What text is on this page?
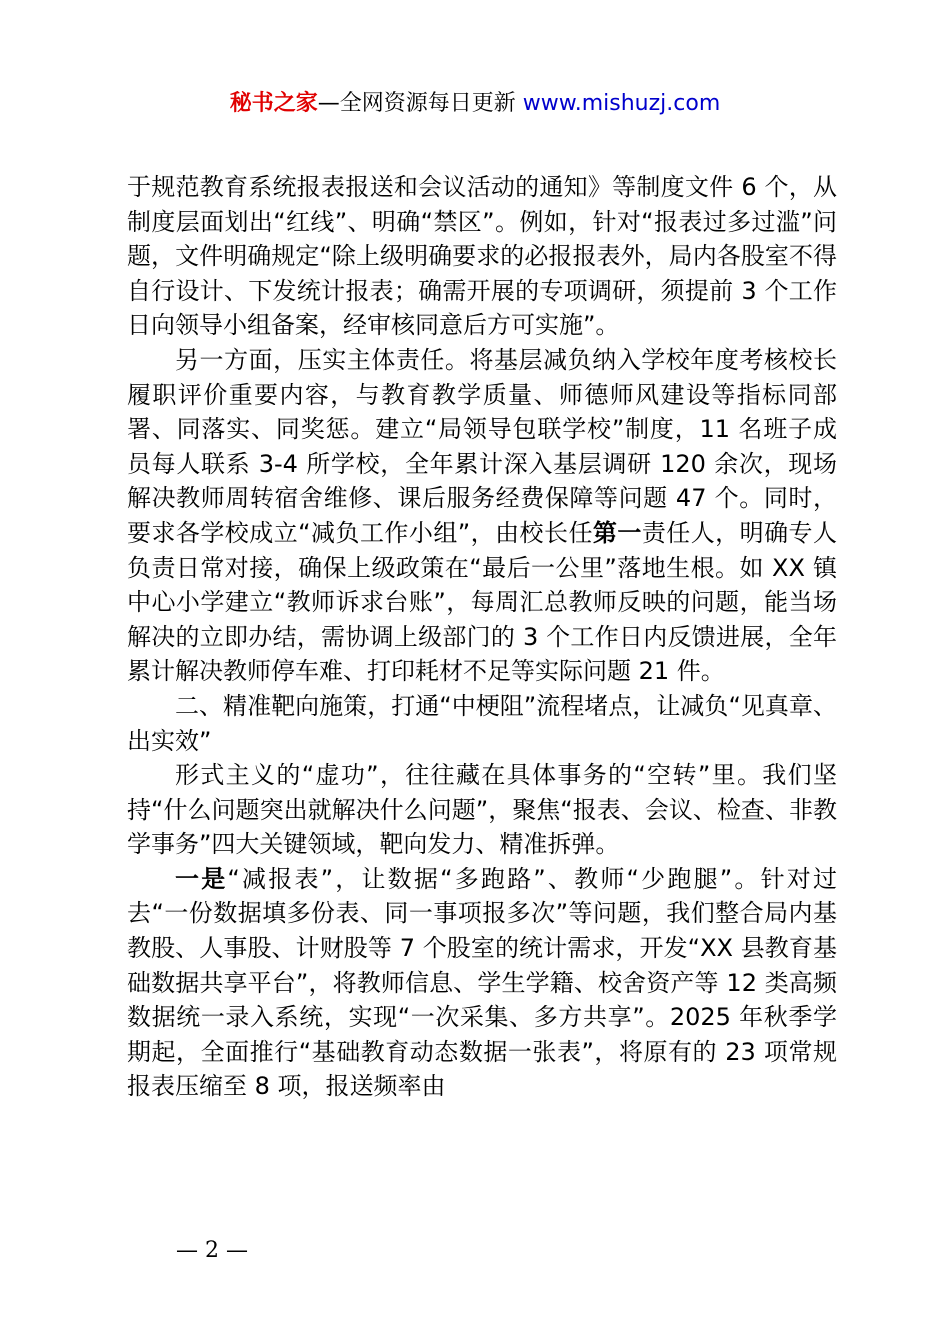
秘书之家—全网资源每日更新 www.mishuzj.com

于规范教育系统报表报送和会议活动的通知》等制度文件 6 个，从制度层面划出“红线”、明确“禁区”。例如，针对“报表过多过滥”问题，文件明确规定“除上级明确要求的必报报表外，局内各股室不得自行设计、下发统计报表；确需开展的专项调研，须提前 3 个工作日向领导小组备案，经审核同意后方可实施”。

另一方面，压实主体责任。将基层减负纳入学校年度考核校长履职评价重要内容，与教育教学质量、师德师风建设等指标同部署、同落实、同奖惩。建立“局领导包联学校”制度，11 名班子成员每人联系 3-4 所学校，全年累计深入基层调研 120 余次，现场解决教师周转宿舍维修、课后服务经费保障等问题 47 个。同时，要求各学校成立“减负工作小组”，由校长任第一责任人，明确专人负责日常对接，确保上级政策在“最后一公里”落地生根。如 XX 镇中心小学建立“教师诉求台账”，每周汇总教师反映的问题，能当场解决的立即办结，需协调上级部门的 3 个工作日内反馈进展，全年累计解决教师停车难、打印耗材不足等实际问题 21 件。

二、精准靶向施策，打通“中梗阻”流程堵点，让减负“见真章、出实效”

形式主义的“虚功”，往往藏在具体事务的“空转”里。我们坚持“什么问题突出就解决什么问题”，聚焦“报表、会议、检查、非教学事务”四大关键领域，靶向发力、精准拆弹。

一是“减报表”，让数据“多跑路”、教师“少跑腿”。针对过去“一份数据填多份表、同一事项报多次”等问题，我们整合局内基教股、人事股、计财股等 7 个股室的统计需求，开发“XX 县教育基础数据共享平台”，将教师信息、学生学籍、校舍资产等 12 类高频数据统一录入系统，实现“一次采集、多方共享”。2025 年秋季学期起，全面推行“基础教育动态数据一张表”，将原有的 23 项常规报表压缩至 8 项，报送频率由

— 2 —
